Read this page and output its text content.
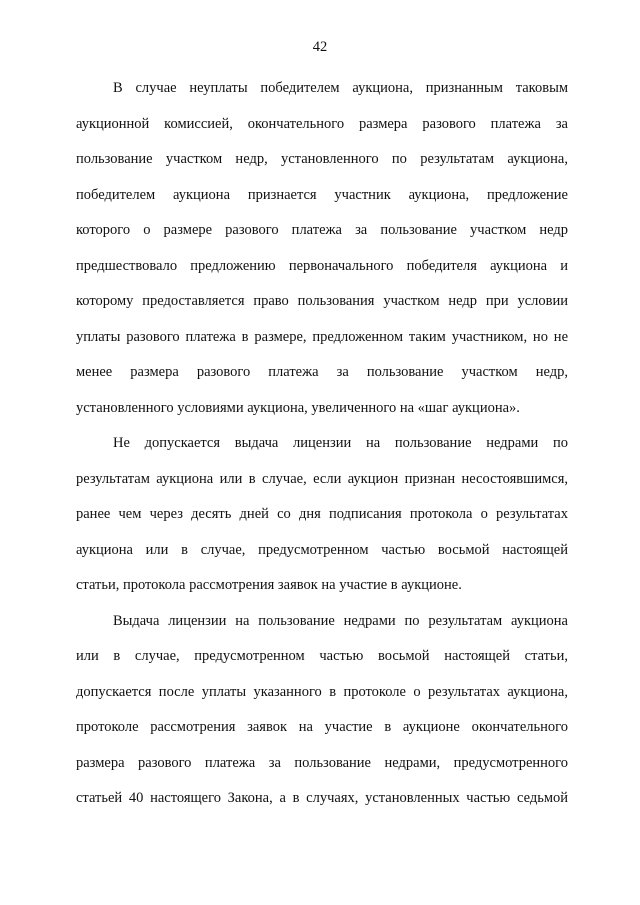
42
В случае неуплаты победителем аукциона, признанным таковым
аукционной комиссией, окончательного размера разового платежа за
пользование участком недр, установленного по результатам аукциона,
победителем аукциона признается участник аукциона, предложение
которого о размере разового платежа за пользование участком недр
предшествовало предложению первоначального победителя аукциона и
которому предоставляется право пользования участком недр при условии
уплаты разового платежа в размере, предложенном таким участником, но не
менее размера разового платежа за пользование участком недр,
установленного условиями аукциона, увеличенного на «шаг аукциона».
Не допускается выдача лицензии на пользование недрами по
результатам аукциона или в случае, если аукцион признан несостоявшимся,
ранее чем через десять дней со дня подписания протокола о результатах
аукциона или в случае, предусмотренном частью восьмой настоящей
статьи, протокола рассмотрения заявок на участие в аукционе.
Выдача лицензии на пользование недрами по результатам аукциона
или в случае, предусмотренном частью восьмой настоящей статьи,
допускается после уплаты указанного в протоколе о результатах аукциона,
протоколе рассмотрения заявок на участие в аукционе окончательного
размера разового платежа за пользование недрами, предусмотренного
статьей 40 настоящего Закона, а в случаях, установленных частью седьмой
